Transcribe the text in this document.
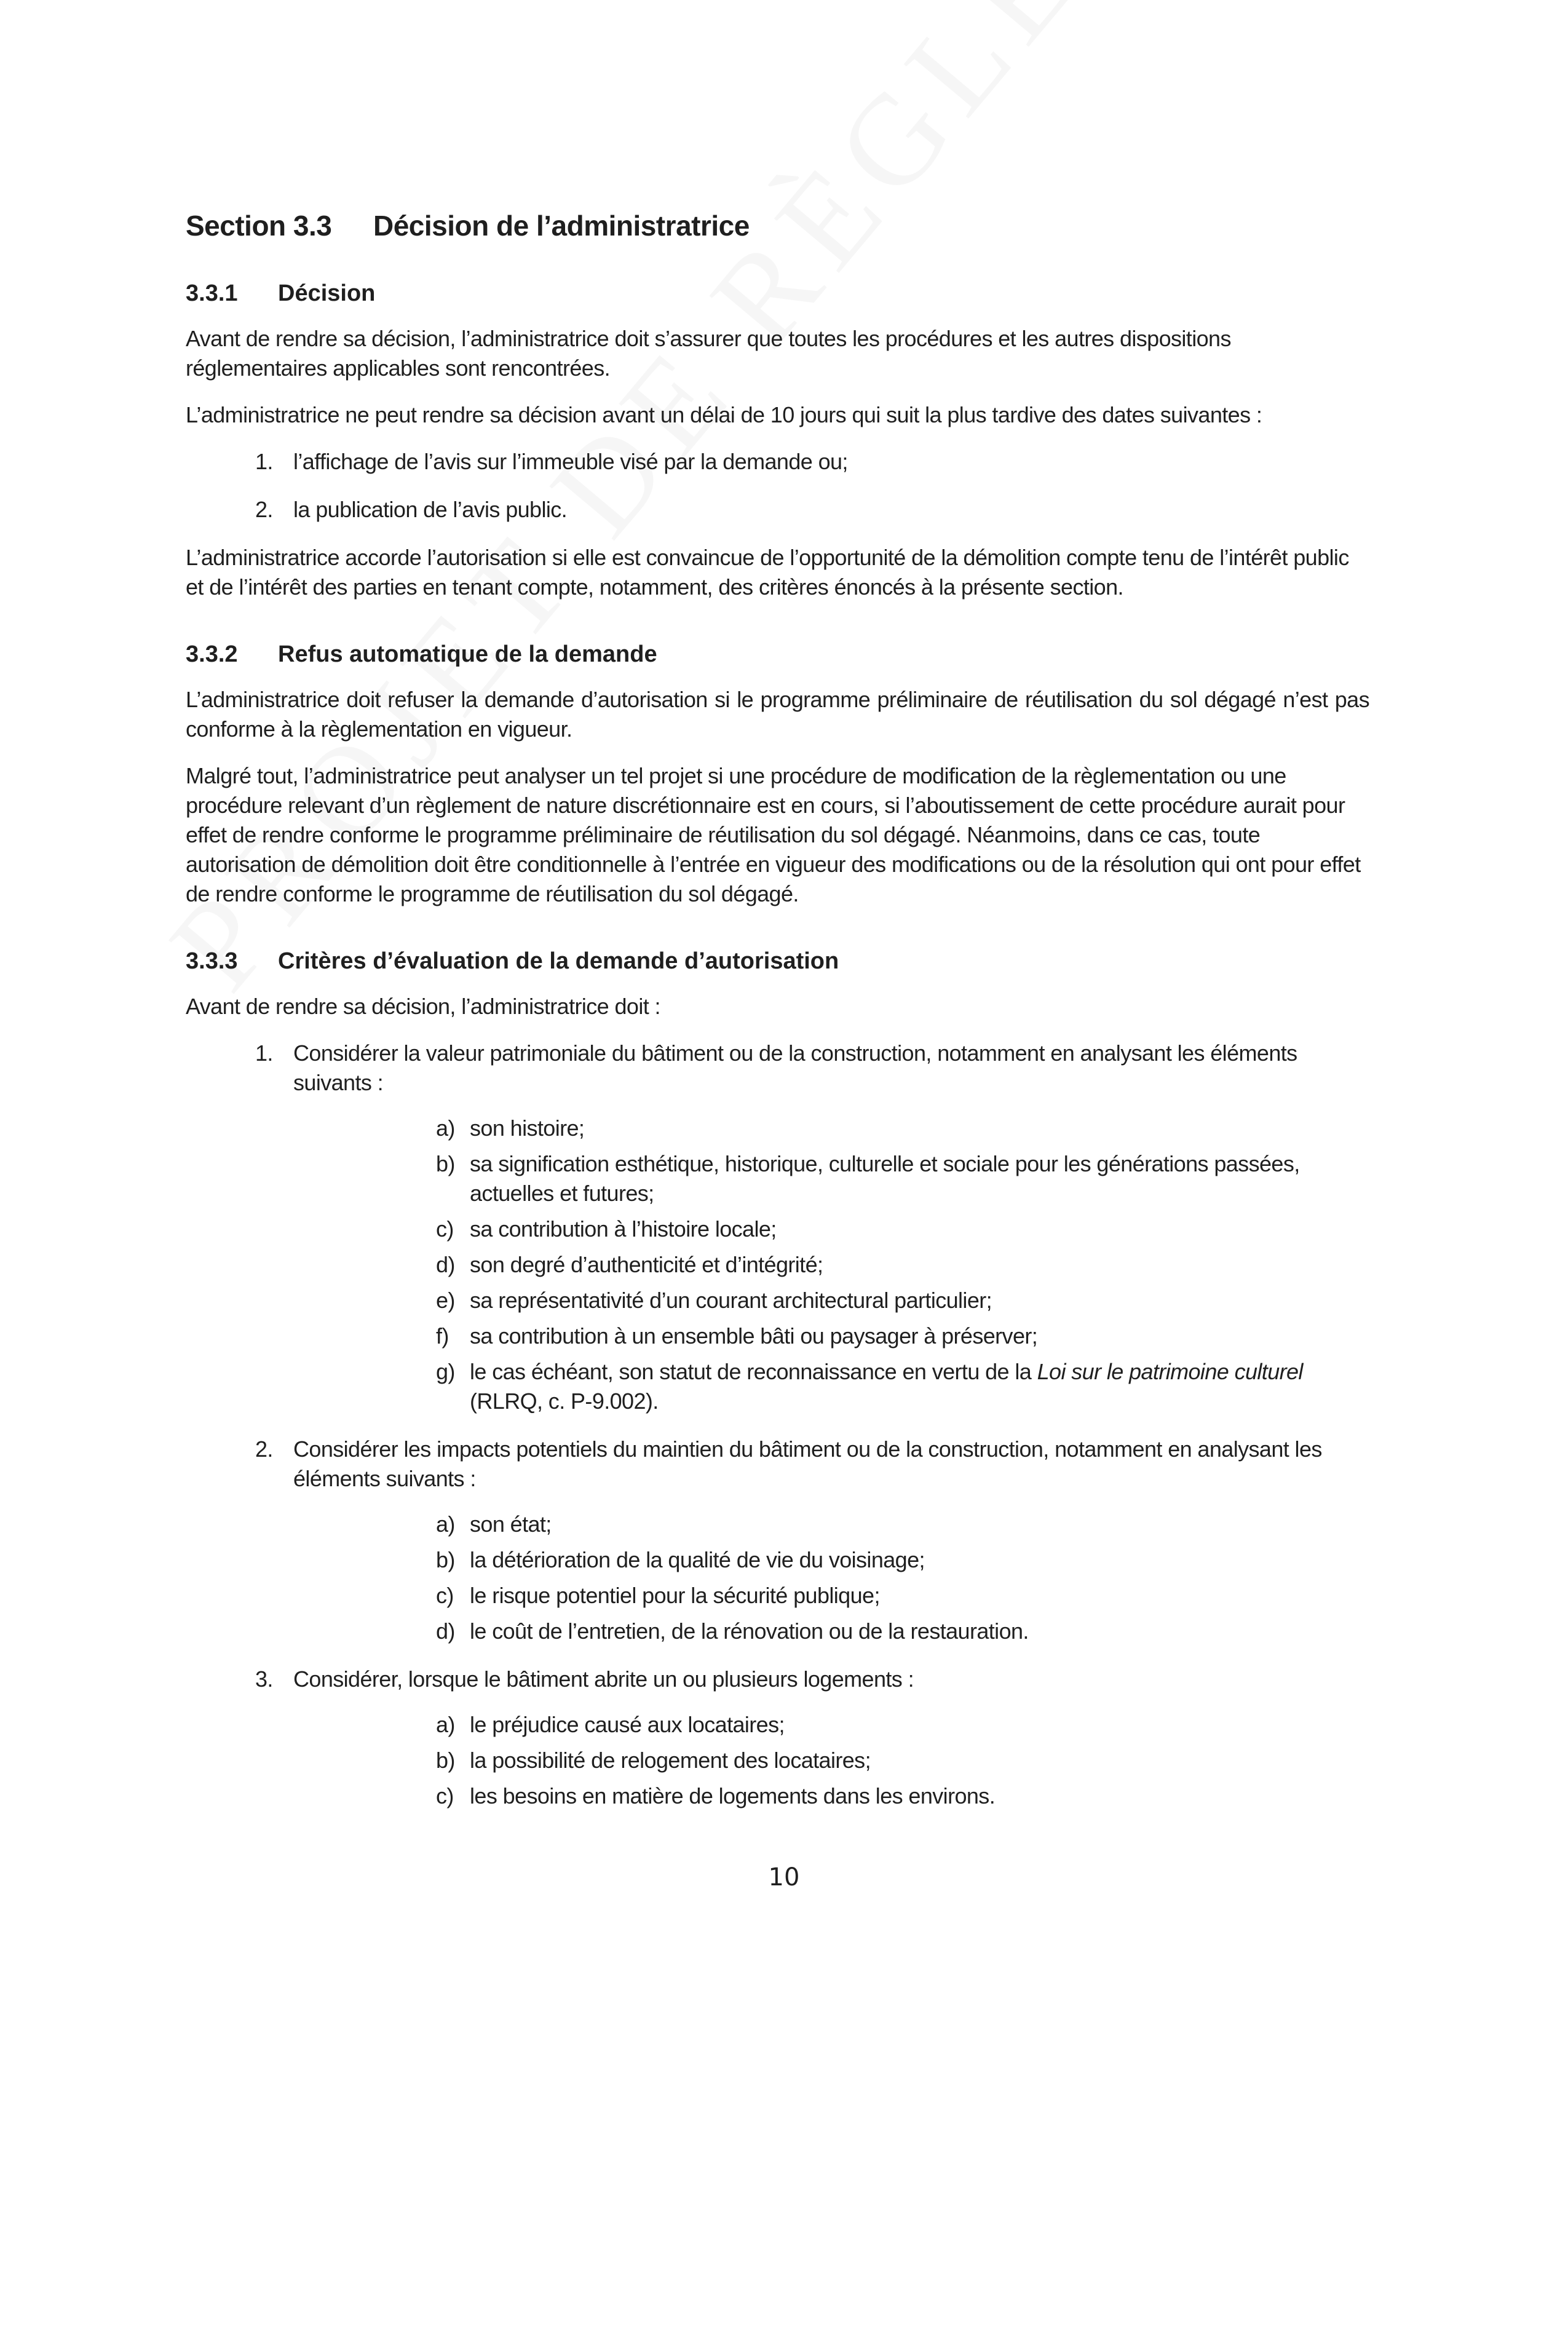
Section 3.3 Décision de l’administratrice
3.3.1 Décision

Avant de rendre sa décision, l’administratrice doit s’assurer que toutes les procédures et les autres dispositions réglementaires applicables sont rencontrées.

L’administratrice ne peut rendre sa décision avant un délai de 10 jours qui suit la plus tardive des dates suivantes :

1. l’affichage de l’avis sur l’immeuble visé par la demande ou;
2. la publication de l’avis public.

L’administratrice accorde l’autorisation si elle est convaincue de l’opportunité de la démolition compte tenu de l’intérêt public et de l’intérêt des parties en tenant compte, notamment, des critères énoncés à la présente section.

3.3.2 Refus automatique de la demande

L’administratrice doit refuser la demande d’autorisation si le programme préliminaire de réutilisation du sol dégagé n’est pas conforme à la règlementation en vigueur.

Malgré tout, l’administratrice peut analyser un tel projet si une procédure de modification de la règlementation ou une procédure relevant d’un règlement de nature discrétionnaire est en cours, si l’aboutissement de cette procédure aurait pour effet de rendre conforme le programme préliminaire de réutilisation du sol dégagé. Néanmoins, dans ce cas, toute autorisation de démolition doit être conditionnelle à l’entrée en vigueur des modifications ou de la résolution qui ont pour effet de rendre conforme le programme de réutilisation du sol dégagé.

3.3.3 Critères d’évaluation de la demande d’autorisation

Avant de rendre sa décision, l’administratrice doit :

1. Considérer la valeur patrimoniale du bâtiment ou de la construction, notamment en analysant les éléments suivants :
a) son histoire;
b) sa signification esthétique, historique, culturelle et sociale pour les générations passées, actuelles et futures;
c) sa contribution à l’histoire locale;
d) son degré d’authenticité et d’intégrité;
e) sa représentativité d’un courant architectural particulier;
f) sa contribution à un ensemble bâti ou paysager à préserver;
g) le cas échéant, son statut de reconnaissance en vertu de la Loi sur le patrimoine culturel (RLRQ, c. P-9.002).
2. Considérer les impacts potentiels du maintien du bâtiment ou de la construction, notamment en analysant les éléments suivants :
a) son état;
b) la détérioration de la qualité de vie du voisinage;
c) le risque potentiel pour la sécurité publique;
d) le coût de l’entretien, de la rénovation ou de la restauration.
3. Considérer, lorsque le bâtiment abrite un ou plusieurs logements :
a) le préjudice causé aux locataires;
b) la possibilité de relogement des locataires;
c) les besoins en matière de logements dans les environs.
10
